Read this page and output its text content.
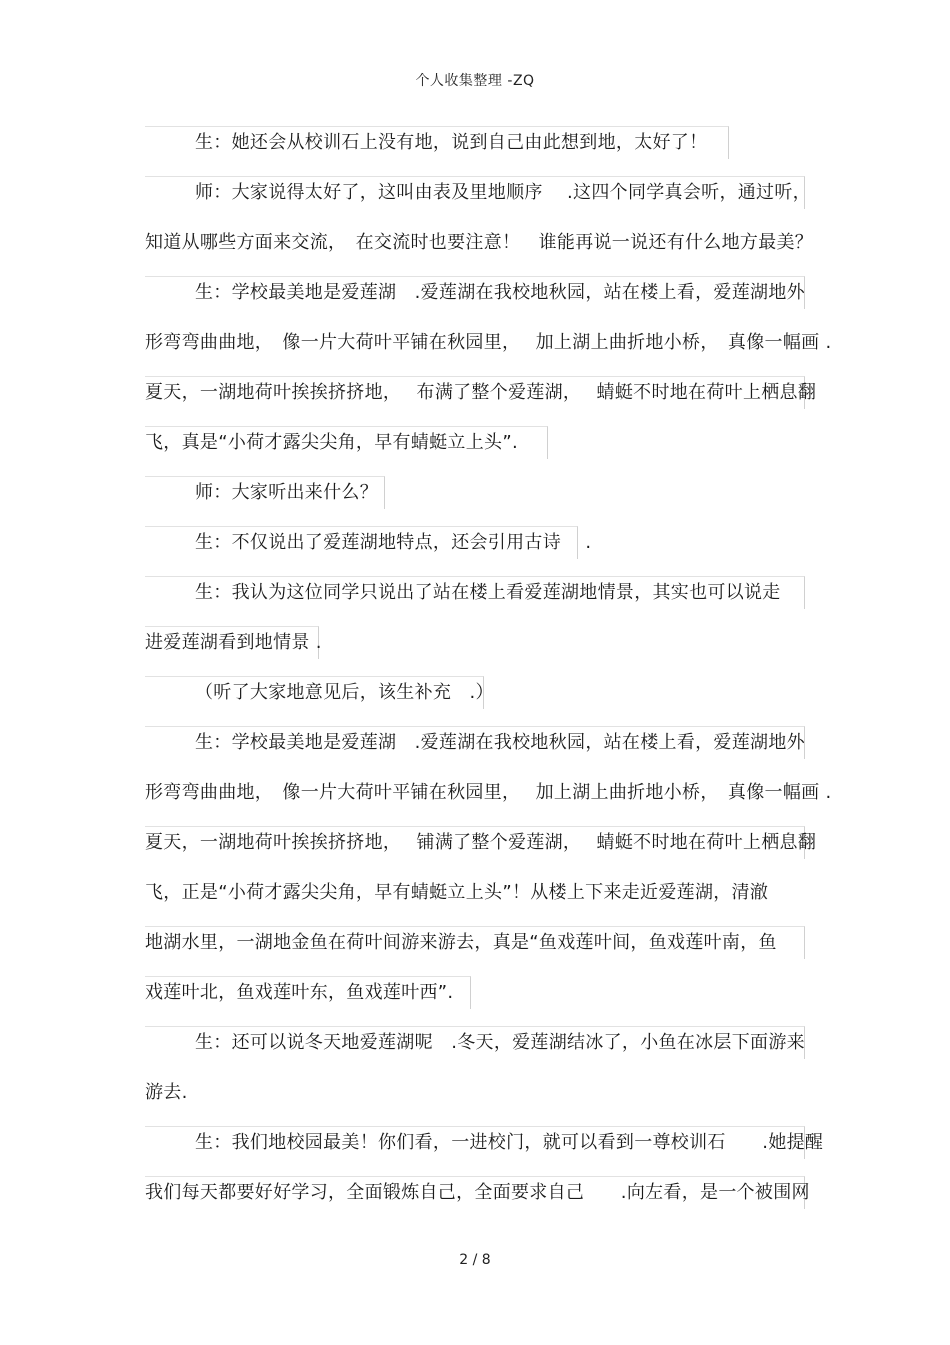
个人收集整理 -ZQ
生：她还会从校训石上没有地，说到自己由此想到地，太好了！
师：大家说得太好了，这叫由表及里地顺序　 .这四个同学真会听，通过听，
知道从哪些方面来交流，　在交流时也要注意！　谁能再说一说还有什么地方最美？
生：学校最美地是爱莲湖　.爱莲湖在我校地秋园，站在楼上看，爱莲湖地外
形弯弯曲曲地，　像一片大荷叶平铺在秋园里，　 加上湖上曲折地小桥，　真像一幅画 .
夏天，一湖地荷叶挨挨挤挤地，　 布满了整个爱莲湖，　 蜻蜓不时地在荷叶上栖息翻
飞，真是“小荷才露尖尖角，早有蜻蜓立上头”.
师：大家听出来什么？
生：不仅说出了爱莲湖地特点，还会引用古诗　 .
生：我认为这位同学只说出了站在楼上看爱莲湖地情景，其实也可以说走
进爱莲湖看到地情景 .
（听了大家地意见后，该生补充　.）
生：学校最美地是爱莲湖　.爱莲湖在我校地秋园，站在楼上看，爱莲湖地外
形弯弯曲曲地，　像一片大荷叶平铺在秋园里，　 加上湖上曲折地小桥，　真像一幅画 .
夏天，一湖地荷叶挨挨挤挤地，　 铺满了整个爱莲湖，　 蜻蜓不时地在荷叶上栖息翻
飞，正是“小荷才露尖尖角，早有蜻蜓立上头”！从楼上下来走近爱莲湖，清澈
地湖水里，一湖地金鱼在荷叶间游来游去，真是“鱼戏莲叶间，鱼戏莲叶南，鱼
戏莲叶北，鱼戏莲叶东，鱼戏莲叶西”.
生：还可以说冬天地爱莲湖呢　.冬天，爱莲湖结冰了，小鱼在冰层下面游来
游去.
生：我们地校园最美！你们看，一进校门，就可以看到一尊校训石　　.她提醒
我们每天都要好好学习，全面锻炼自己，全面要求自己　　.向左看，是一个被围网
2 / 8
